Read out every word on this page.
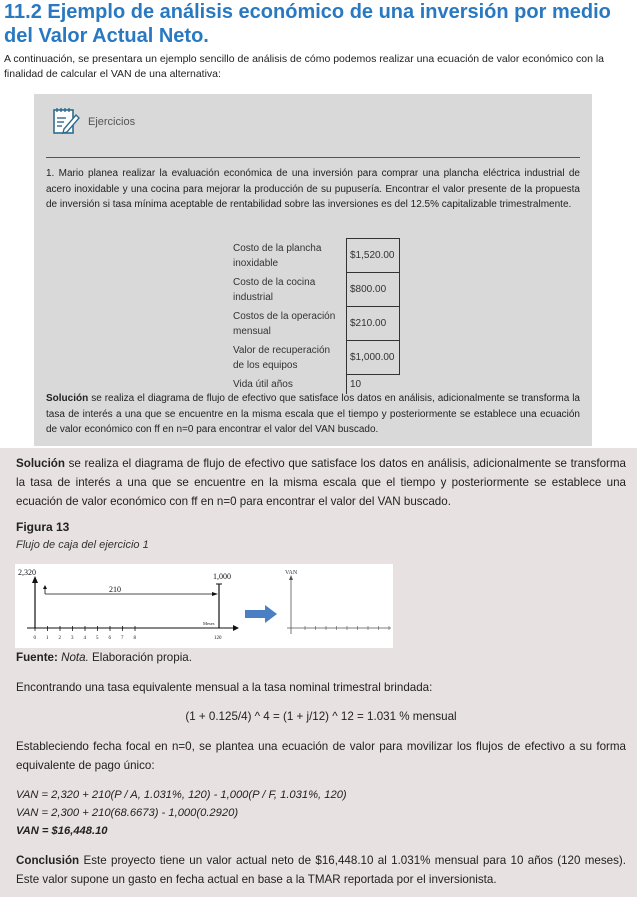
11.2 Ejemplo de análisis económico de una inversión por medio del Valor Actual Neto.

A continuación, se presentara un ejemplo sencillo de análisis de cómo podemos realizar una ecuación de valor económico con la finalidad de calcular el VAN de una alternativa:

Ejercicios

1. Mario planea realizar la evaluación económica de una inversión para comprar una plancha eléctrica industrial de acero inoxidable y una cocina para mejorar la producción de su pupusería. Encontrar el valor presente de la propuesta de inversión si tasa mínima aceptable de rentabilidad sobre las inversiones es del 12.5% capitalizable trimestralmente.

Costo de la plancha inoxidable	$1,520.00
Costo de la cocina industrial	$800.00
Costos de la operación mensual	$210.00
Valor de recuperación de los equipos	$1,000.00
Vida útil años	10

Solución se realiza el diagrama de flujo de efectivo que satisface los datos en análisis, adicionalmente se transforma la tasa de interés a una que se encuentre en la misma escala que el tiempo y posteriormente se establece una ecuación de valor económico con ff en n=0 para encontrar el valor del VAN buscado.

Solución se realiza el diagrama de flujo de efectivo que satisface los datos en análisis, adicionalmente se transforma la tasa de interés a una que se encuentre en la misma escala que el tiempo y posteriormente se establece una ecuación de valor económico con ff en n=0 para encontrar el valor del VAN buscado.

Figura 13
Flujo de caja del ejercicio 1
2,320
210
1,000
0 1 2 3 4 5 6 7 8
Meses
120
VAN

Fuente: Nota. Elaboración propia.

Encontrando una tasa equivalente mensual a la tasa nominal trimestral brindada:

(1 + 0.125/4) ^ 4 = (1 + j/12) ^ 12 = 1.031 % mensual

Estableciendo fecha focal en n=0, se plantea una ecuación de valor para movilizar los flujos de efectivo a su forma equivalente de pago único:

VAN = 2,320 + 210(P / A, 1.031%, 120) - 1,000(P / F, 1.031%, 120)

VAN = 2,300 + 210(68.6673) - 1,000(0.2920)

VAN = $16,448.10

Conclusión Este proyecto tiene un valor actual neto de $16,448.10 al 1.031% mensual para 10 años (120 meses). Este valor supone un gasto en fecha actual en base a la TMAR reportada por el inversionista.
